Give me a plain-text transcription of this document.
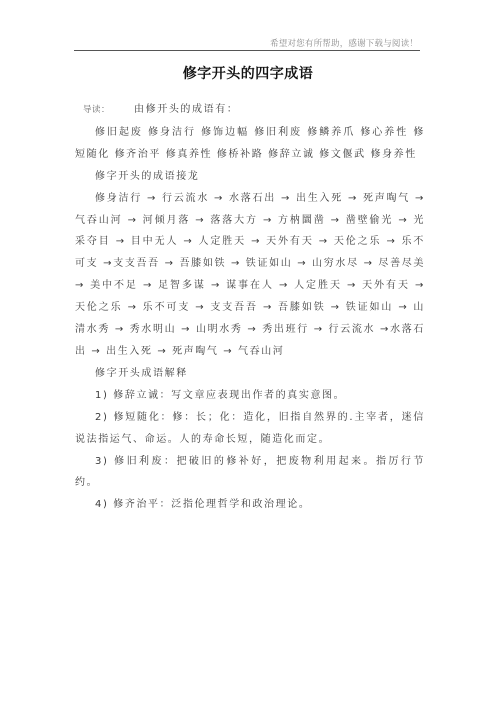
希望对您有所帮助，感谢下载与阅读！
修字开头的四字成语

导读： 由修开头的成语有：

修旧起废 修身洁行 修饰边幅 修旧利废 修鳞养爪 修心养性 修短随化 修齐治平 修真养性 修桥补路 修辞立诚 修文偃武 修身养性

修字开头的成语接龙

修身洁行 → 行云流水 → 水落石出 → 出生入死 → 死声啕气 → 气吞山河 → 河倾月落 → 落落大方 → 方枘圜凿 → 凿壁偷光 → 光采夺目 → 目中无人 → 人定胜天 → 天外有天 → 天伦之乐 → 乐不可支 →支支吾吾 → 吾膝如铁 → 铁证如山 → 山穷水尽 → 尽善尽美 → 美中不足 → 足智多谋 → 谋事在人 → 人定胜天 → 天外有天 → 天伦之乐 → 乐不可支 → 支支吾吾 → 吾膝如铁 → 铁证如山 → 山清水秀 → 秀水明山 → 山明水秀 → 秀出班行 → 行云流水 →水落石出 → 出生入死 → 死声啕气 → 气吞山河

修字开头成语解释

1) 修辞立诚：写文章应表现出作者的真实意图。

2) 修短随化：修：长；化：造化，旧指自然界的.主宰者，迷信说法指运气、命运。人的寿命长短，随造化而定。

3) 修旧利废：把破旧的修补好，把废物利用起来。指厉行节约。

4) 修齐治平：泛指伦理哲学和政治理论。
